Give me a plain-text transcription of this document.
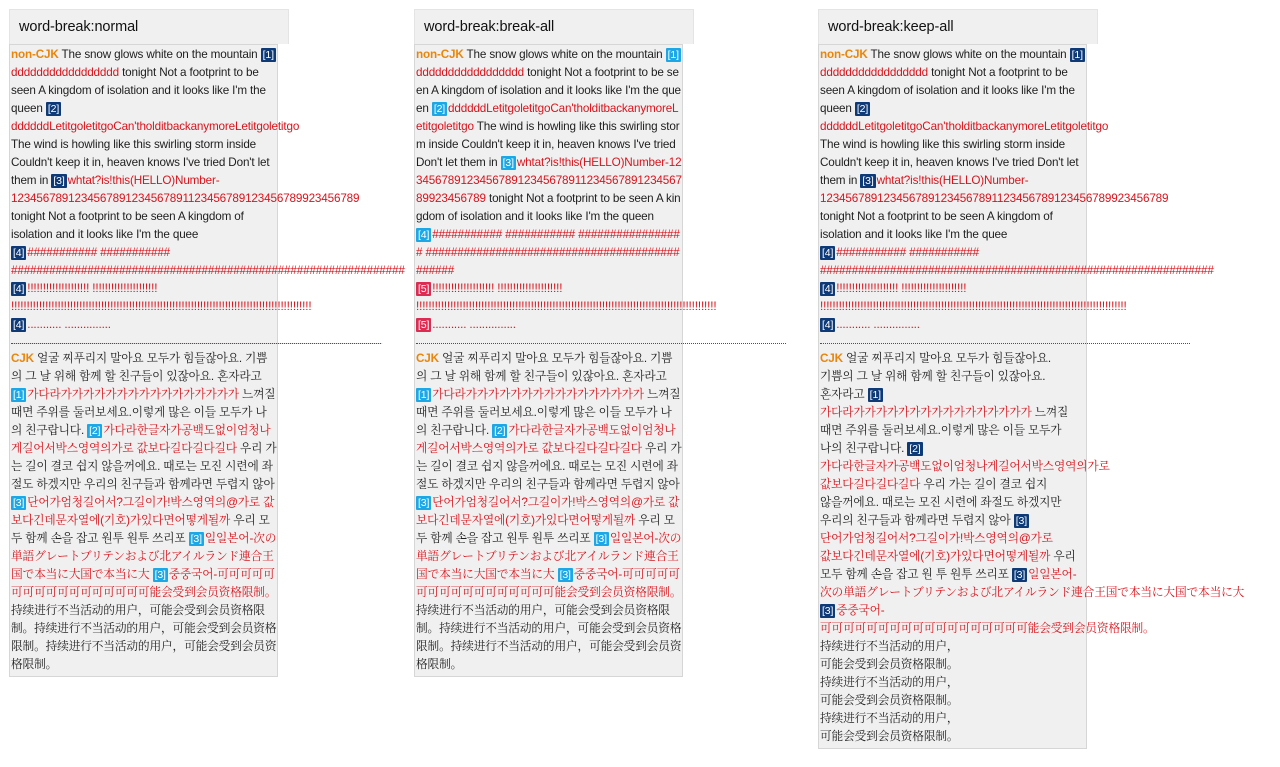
word-break:normal

non-CJK The snow glows white on the mountain [1]ddddddddddddddddd tonight Not a footprint to be seen A kingdom of isolation and it looks like I'm the queen [2]ddddddLetitgoletitgoCan'tholditbackanymoreLetitgoletitgo The wind is howling like this swirling storm inside Couldn't keep it in, heaven knows I've tried Don't let them in [3] whtat?is!this(HELLO)Number-1234567891234567891234567891123456789123456789923456789 tonight Not a footprint to be seen A kingdom of isolation and it looks like I'm the quee

[4] ########### ########### ##############################################################

[4] !!!!!!!!!!!!!!!!!!!! !!!!!!!!!!!!!!!!!!!!! !!!!!!!!!!!!!!!!!!!!!!!!!!!!!!!!!!!!!!!!!!!!!!!!!!!!!!!!!!!!!!!!!!!!!!!!!!!!!!!!!!!!!!!!!!!!!!!!!

[4] ........... ...............

CJK 얼굴 찌푸리지 말아요 모두가 힘들잖아요. 기쁨의 그 날 위해 함께 할 친구들이 있잖아요. 혼자라고 [1] 가다라가가가가가가가가가가가가가가가가 느껴질 때면 주위를 둘러보세요.이렇게 많은 이들 모두가 나의 친구랍니다. [2] 가다라한글자가공백도없이엄청나게길어서박스영역의가로 값보다길다길다길다 우리 가는 길이 결코 쉽지 않을꺼에요. 때로는 모진 시련에 좌절도 하겠지만 우리의 친구들과 함께라면 두렵지 않아 [3] 단어가엄청길어서?그길이가!박스영역의@가로 값보다긴데문자열에(기호)가있다면어떻게될까 우리 모두 함께 손을 잡고 원투 원투 쓰리포 [3] 일일본어-次の単語グレートブリテンおよび北アイルランド連合王国で本当に大国で本当に大 [3] 중중국어-可可可可可可可可可可可可可可可可可能会受到会员资格限制。 持续进行不当活动的用户，可能会受到会员资格限制。持续进行不当活动的用户，可能会受到会员资格限制。持续进行不当活动的用户，可能会受到会员资格限制。

word-break:break-all

non-CJK The snow glows white on the mountain [1]ddddddddddddddddd tonight Not a footprint to be seen A kingdom of isolation and it looks like I'm the queen [2] ddddddLetitgoletitgoCan'tholditbackanymoreLetitgoletitgo The wind is howling like this swirling storm inside Couldn't keep it in, heaven knows I've tried Don't let them in [3] whtat?is!this(HELLO)Number-1234567891234567891234567891123456789123456789923456789 tonight Not a footprint to be seen A kingdom of isolation and it looks like I'm the queen

[4] ########### ########### ################# ##############################################

[5] !!!!!!!!!!!!!!!!!!!! !!!!!!!!!!!!!!!!!!!!! !!!!!!!!!!!!!!!!!!!!!!!!!!!!!!!!!!!!!!!!!!!!!!!!!!!!!!!!!!!!!!!!!!!!!!!!!!!!!!!!!!!!!!!!!!!!!!!!!

[5] ........... ...............

CJK 얼굴 찌푸리지 말아요 모두가 힘들잖아요. 기쁨의 그 날 위해 함께 할 친구들이 있잖아요. 혼자라고 [1] 가다라가가가가가가가가가가가가가가가가 느껴질 때면 주위를 둘러보세요.이렇게 많은 이들 모두가 나의 친구랍니다. [2] 가다라한글자가공백도없이엄청나게길어서박스영역의가로 값보다길다길다길다 우리 가는 길이 결코 쉽지 않을꺼에요. 때로는 모진 시련에 좌절도 하겠지만 우리의 친구들과 함께라면 두렵지 않아 [3] 단어가엄청길어서?그길이가!박스영역의@가로 값보다긴데문자열에(기호)가있다면어떻게될까 우리 모두 함께 손을 잡고 원투 원투 쓰리포 [3] 일일본어-次の単語グレートブリテンおよび北アイルランド連合王国で本当に大国で本当に大 [3] 중중국어-可可可可可可可可可可可可可可可可可能会受到会员资格限制。 持续进行不当活动的用户，可能会受到会员资格限制。持续进行不当活动的用户，可能会受到会员资格限制。持续进行不当活动的用户，可能会受到会员资格限制。

word-break:keep-all

non-CJK The snow glows white on the mountain [1]ddddddddddddddddd tonight Not a footprint to be seen A kingdom of isolation and it looks like I'm the queen [2]ddddddLetitgoletitgoCan'tholditbackanymoreLetitgoletitgo The wind is howling like this swirling storm inside Couldn't keep it in, heaven knows I've tried Don't let them in [3] whtat?is!this(HELLO)Number-1234567891234567891234567891123456789123456789923456789 tonight Not a footprint to be seen A kingdom of isolation and it looks like I'm the quee

[4] ########### ########### ##############################################################

[4] !!!!!!!!!!!!!!!!!!!! !!!!!!!!!!!!!!!!!!!!! !!!!!!!!!!!!!!!!!!!!!!!!!!!!!!!!!!!!!!!!!!!!!!!!!!!!!!!!!!!!!!!!!!!!!!!!!!!!!!!!!!!!!!!!!!!!!!!!!!!

[4] ........... ...............

CJK 얼굴 찌푸리지 말아요 모두가 힘들잖아요. 기쁨의 그 날 위해 함께 할 친구들이 있잖아요. 혼자라고 [1]가다라가가가가가가가가가가가가가가가가 느껴질 때면 주위를 둘러보세요.이렇게 많은 이들 모두가 나의 친구랍니다. [2]가다라한글자가공백도없이엄청나게길어서박스영역의가로 값보다길다길다길다 우리 가는 길이 결코 쉽지 않을꺼에요. 때로는 모진 시련에 좌절도 하겠지만 우리의 친구들과 함께라면 두렵지 않아 [3]단어가엄청길어서?그길이가!박스영역의@가로 값보다긴데문자열에(기호)가있다면어떻게될까 우리 모두 함께 손을 잡고 원 투 원투 쓰리포 [3] 일일본어-次の単語グレートブリテンおよび北アイルランド連合王国で本当に大国で本当に大 [3] 중중국어-可可可可可可可可可可可可可可可可可可能会受到会员资格限制。 持续进行不当活动的用户，可能会受到会员资格限制。持续进行不当活动的用户，可能会受到会员资格限制。持续进行不当活动的用户，可能会受到会员资格限制。
